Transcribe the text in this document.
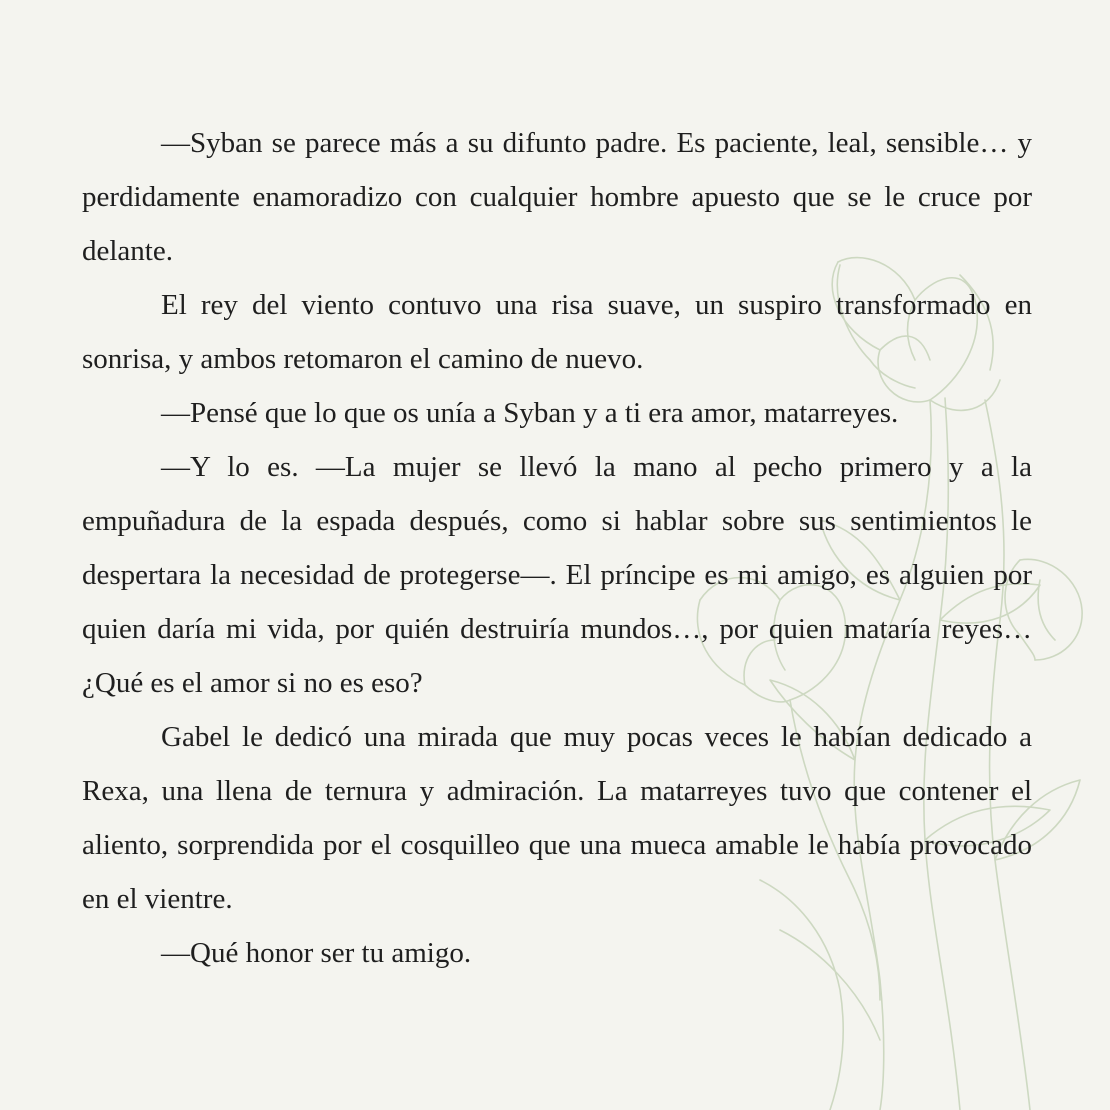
—Syban se parece más a su difunto padre. Es paciente, leal, sensible… y perdidamente enamoradizo con cualquier hombre apuesto que se le cruce por delante.

El rey del viento contuvo una risa suave, un suspiro transformado en sonrisa, y ambos retomaron el camino de nuevo.

—Pensé que lo que os unía a Syban y a ti era amor, matarreyes.

—Y lo es. —La mujer se llevó la mano al pecho primero y a la empuñadura de la espada después, como si hablar sobre sus sentimientos le despertara la necesidad de protegerse—. El príncipe es mi amigo, es alguien por quien daría mi vida, por quién destruiría mundos…, por quien mataría reyes… ¿Qué es el amor si no es eso?

Gabel le dedicó una mirada que muy pocas veces le habían dedicado a Rexa, una llena de ternura y admiración. La matarreyes tuvo que contener el aliento, sorprendida por el cosquilleo que una mueca amable le había provocado en el vientre.

—Qué honor ser tu amigo.
